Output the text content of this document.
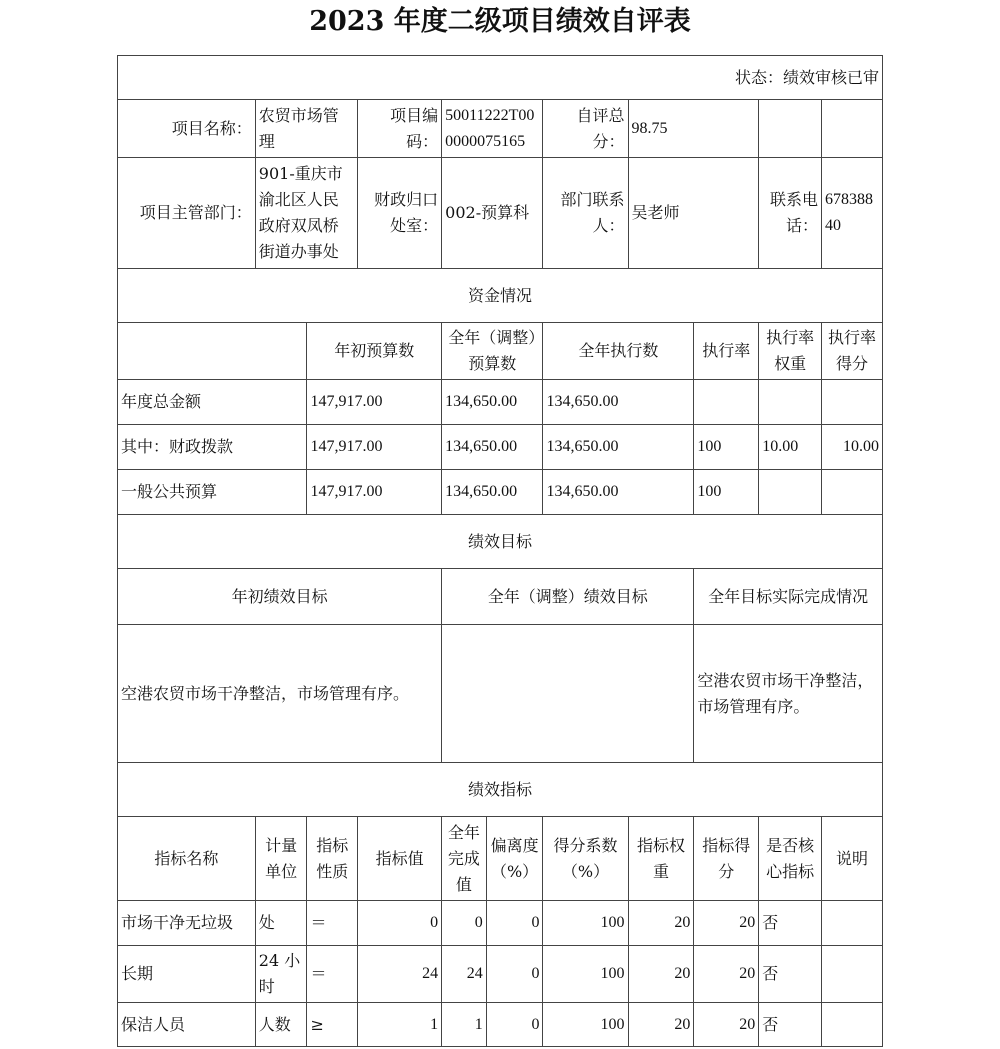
2023 年度二级项目绩效自评表
状态：绩效审核已审										
项目名称：	农贸市场管理		项目编码：	50011222T000000075165		自评总分：	98.75			
项目主管部门：	901-重庆市渝北区人民政府双凤桥街道办事处		财政归口处室：	002-预算科		部门联系人：	吴老师		联系电话：	67838840
资金情况										
		年初预算数		全年（调整）预算数		全年执行数		执行率	执行率权重	执行率得分
年度总金额		147,917.00		134,650.00		134,650.00				
其中：财政拨款		147,917.00		134,650.00		134,650.00		100	10.00	10.00
一般公共预算		147,917.00		134,650.00		134,650.00		100		
绩效目标										
年初绩效目标				全年（调整）绩效目标				全年目标实际完成情况		
空港农贸市场干净整洁，市场管理有序。								空港农贸市场干净整洁，市场管理有序。		
绩效指标										
指标名称	计量单位	指标性质	指标值	全年完成值	偏离度（%）	得分系数（%）	指标权重	指标得分	是否核心指标	说明
市场干净无垃圾	处	＝	0	0	0	100	20	20	否	
长期	24 小时	＝	24	24	0	100	20	20	否	
保洁人员	人数	≥	1	1	0	100	20	20	否	
